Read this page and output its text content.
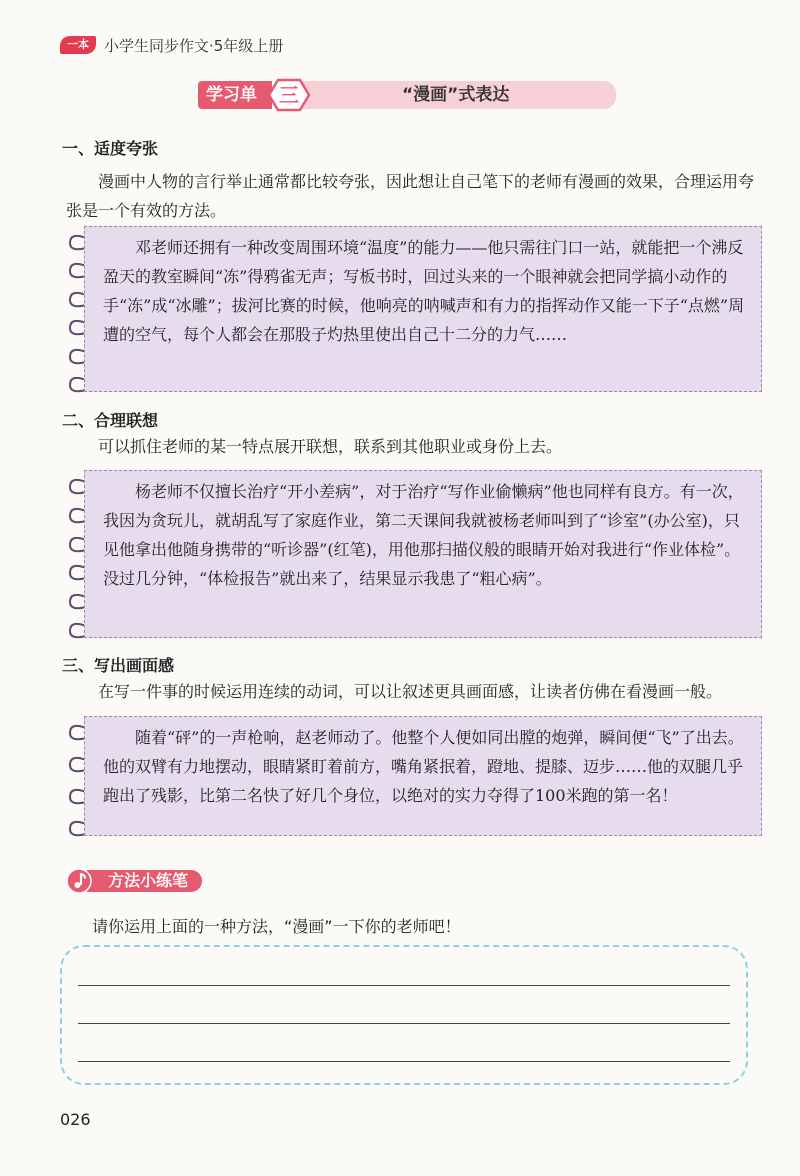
一本	小学生同步作文·5年级上册
学习单	三	“漫画”式表达
一、适度夸张

漫画中人物的言行举止通常都比较夸张，因此想让自己笔下的老师有漫画的效果，合理运用夸张是一个有效的方法。

邓老师还拥有一种改变周围环境“温度”的能力——他只需往门口一站，就能把一个沸反盈天的教室瞬间“冻”得鸦雀无声；写板书时，回过头来的一个眼神就会把同学搞小动作的手“冻”成“冰雕”；拔河比赛的时候，他响亮的呐喊声和有力的指挥动作又能一下子“点燃”周遭的空气，每个人都会在那股子灼热里使出自己十二分的力气……

二、合理联想

可以抓住老师的某一特点展开联想，联系到其他职业或身份上去。

杨老师不仅擅长治疗“开小差病”，对于治疗“写作业偷懒病”他也同样有良方。有一次，我因为贪玩儿，就胡乱写了家庭作业，第二天课间我就被杨老师叫到了“诊室”(办公室)，只见他拿出他随身携带的“听诊器”(红笔)，用他那扫描仪般的眼睛开始对我进行“作业体检”。没过几分钟，“体检报告”就出来了，结果显示我患了“粗心病”。

三、写出画面感

在写一件事的时候运用连续的动词，可以让叙述更具画面感，让读者仿佛在看漫画一般。

随着“砰”的一声枪响，赵老师动了。他整个人便如同出膛的炮弹，瞬间便“飞”了出去。他的双臂有力地摆动，眼睛紧盯着前方，嘴角紧抿着，蹬地、提膝、迈步……他的双腿几乎跑出了残影，比第二名快了好几个身位，以绝对的实力夺得了100米跑的第一名！

方法小练笔
请你运用上面的一种方法，“漫画”一下你的老师吧！
026
